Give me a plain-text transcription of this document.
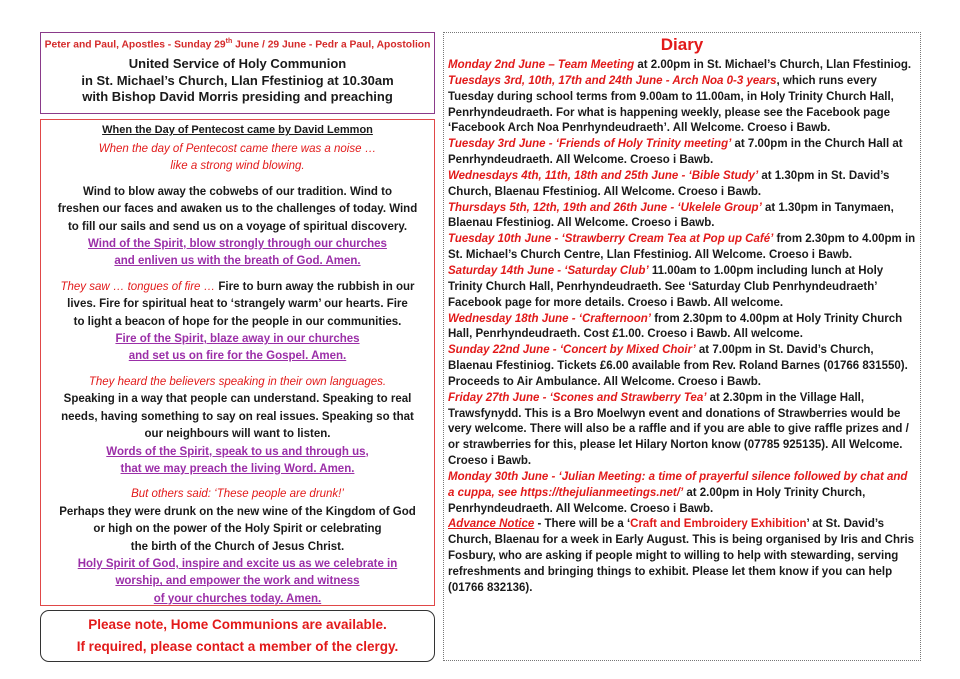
Peter and Paul, Apostles - Sunday 29th June / 29 June - Pedr a Paul, Apostolion
United Service of Holy Communion
in St. Michael’s Church, Llan Ffestiniog at 10.30am
with Bishop David Morris presiding and preaching
When the Day of Pentecost came by David Lemmon

When the day of Pentecost came there was a noise …

like a strong wind blowing.

Wind to blow away the cobwebs of our tradition. Wind to

freshen our faces and awaken us to the challenges of today. Wind

to fill our sails and send us on a voyage of spiritual discovery.

Wind of the Spirit, blow strongly through our churches

and enliven us with the breath of God. Amen.

They saw … tongues of fire … Fire to burn away the rubbish in our

lives. Fire for spiritual heat to ‘strangely warm’ our hearts. Fire

to light a beacon of hope for the people in our communities.

Fire of the Spirit, blaze away in our churches

and set us on fire for the Gospel. Amen.

They heard the believers speaking in their own languages.

Speaking in a way that people can understand. Speaking to real

needs, having something to say on real issues. Speaking so that

our neighbours will want to listen.

Words of the Spirit, speak to us and through us,

that we may preach the living Word. Amen.

But others said: ‘These people are drunk!’

Perhaps they were drunk on the new wine of the Kingdom of God

or high on the power of the Holy Spirit or celebrating

the birth of the Church of Jesus Christ.

Holy Spirit of God, inspire and excite us as we celebrate in

worship, and empower the work and witness

of your churches today. Amen.

Please note, Home Communions are available.

If required, please contact a member of the clergy.

Diary

Monday 2nd June – Team Meeting at 2.00pm in St. Michael’s Church, Llan Ffestiniog.

Tuesdays 3rd, 10th, 17th and 24th June - Arch Noa 0-3 years, which runs every Tuesday during school terms from 9.00am to 11.00am, in Holy Trinity Church Hall, Penrhyndeudraeth. For what is happening weekly, please see the Facebook page ‘Facebook Arch Noa Penrhyndeudraeth’. All Welcome. Croeso i Bawb.

Tuesday 3rd June - ‘Friends of Holy Trinity meeting’ at 7.00pm in the Church Hall at Penrhyndeudraeth. All Welcome. Croeso i Bawb.

Wednesdays 4th, 11th, 18th and 25th June - ‘Bible Study’ at 1.30pm in St. David’s Church, Blaenau Ffestiniog. All Welcome. Croeso i Bawb.

Thursdays 5th, 12th, 19th and 26th June - ‘Ukelele Group’ at 1.30pm in Tanymaen, Blaenau Ffestiniog. All Welcome. Croeso i Bawb.

Tuesday 10th June - ‘Strawberry Cream Tea at Pop up Café’ from 2.30pm to 4.00pm in St. Michael’s Church Centre, Llan Ffestiniog. All Welcome. Croeso i Bawb.

Saturday 14th June - ‘Saturday Club’ 11.00am to 1.00pm including lunch at Holy Trinity Church Hall, Penrhyndeudraeth. See ‘Saturday Club Penrhyndeudraeth’ Facebook page for more details. Croeso i Bawb. All welcome.

Wednesday 18th June - ‘Crafternoon’ from 2.30pm to 4.00pm at Holy Trinity Church Hall, Penrhyndeudraeth. Cost £1.00. Croeso i Bawb. All welcome.

Sunday 22nd June - ‘Concert by Mixed Choir’ at 7.00pm in St. David’s Church, Blaenau Ffestiniog. Tickets £6.00 available from Rev. Roland Barnes (01766 831550). Proceeds to Air Ambulance. All Welcome. Croeso i Bawb.

Friday 27th June - ‘Scones and Strawberry Tea’ at 2.30pm in the Village Hall, Trawsfynydd. This is a Bro Moelwyn event and donations of Strawberries would be very welcome. There will also be a raffle and if you are able to give raffle prizes and / or strawberries for this, please let Hilary Norton know (07785 925135). All Welcome. Croeso i Bawb.

Monday 30th June - ‘Julian Meeting: a time of prayerful silence followed by chat and a cuppa, see https://thejulianmeetings.net/’ at 2.00pm in Holy Trinity Church, Penrhyndeudraeth. All Welcome. Croeso i Bawb.

Advance Notice - There will be a ‘Craft and Embroidery Exhibition’ at St. David’s Church, Blaenau for a week in Early August. This is being organised by Iris and Chris Fosbury, who are asking if people might to willing to help with stewarding, serving refreshments and bringing things to exhibit. Please let them know if you can help (01766 832136).
